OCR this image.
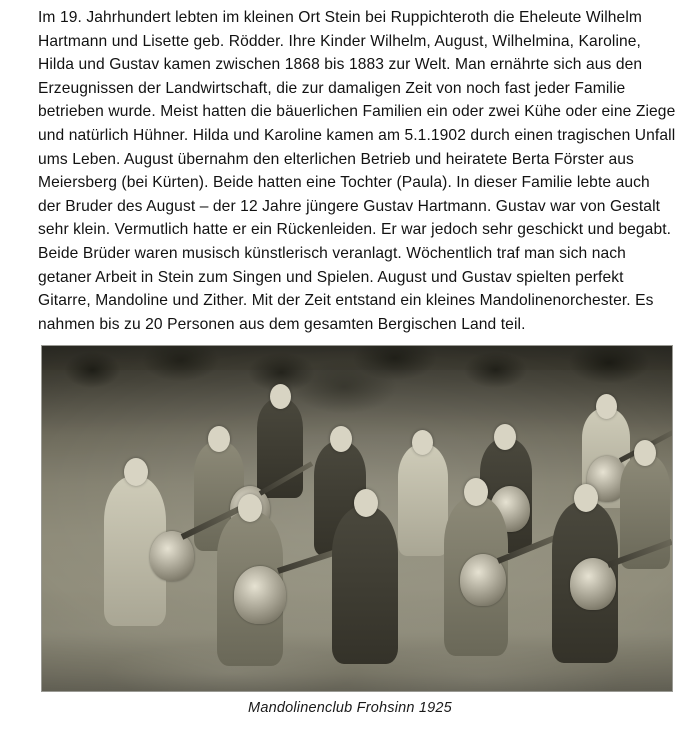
Im 19. Jahrhundert lebten im kleinen Ort Stein bei Ruppichteroth die Eheleute Wilhelm Hartmann und Lisette geb. Rödder. Ihre Kinder Wilhelm, August, Wilhelmina, Karoline, Hilda und Gustav kamen zwischen 1868 bis 1883 zur Welt. Man ernährte sich aus den Erzeugnissen der Landwirtschaft, die zur damaligen Zeit von noch fast jeder Familie betrieben wurde. Meist hatten die bäuerlichen Familien ein oder zwei Kühe oder eine Ziege und natürlich Hühner. Hilda und Karoline kamen am 5.1.1902 durch einen tragischen Unfall ums Leben. August übernahm den elterlichen Betrieb und heiratete Berta Förster aus Meiersberg (bei Kürten). Beide hatten eine Tochter (Paula). In dieser Familie lebte auch der Bruder des August – der 12 Jahre jüngere Gustav Hartmann. Gustav war von Gestalt sehr klein. Vermutlich hatte er ein Rückenleiden. Er war jedoch sehr geschickt und begabt.

Beide Brüder waren musisch künstlerisch veranlagt. Wöchentlich traf man sich nach getaner Arbeit in Stein zum Singen und Spielen. August und Gustav spielten perfekt Gitarre, Mandoline und Zither. Mit der Zeit entstand ein kleines Mandolinenorchester. Es nahmen bis zu 20 Personen aus dem gesamten Bergischen Land teil.

Mandolinenclub Frohsinn 1925
